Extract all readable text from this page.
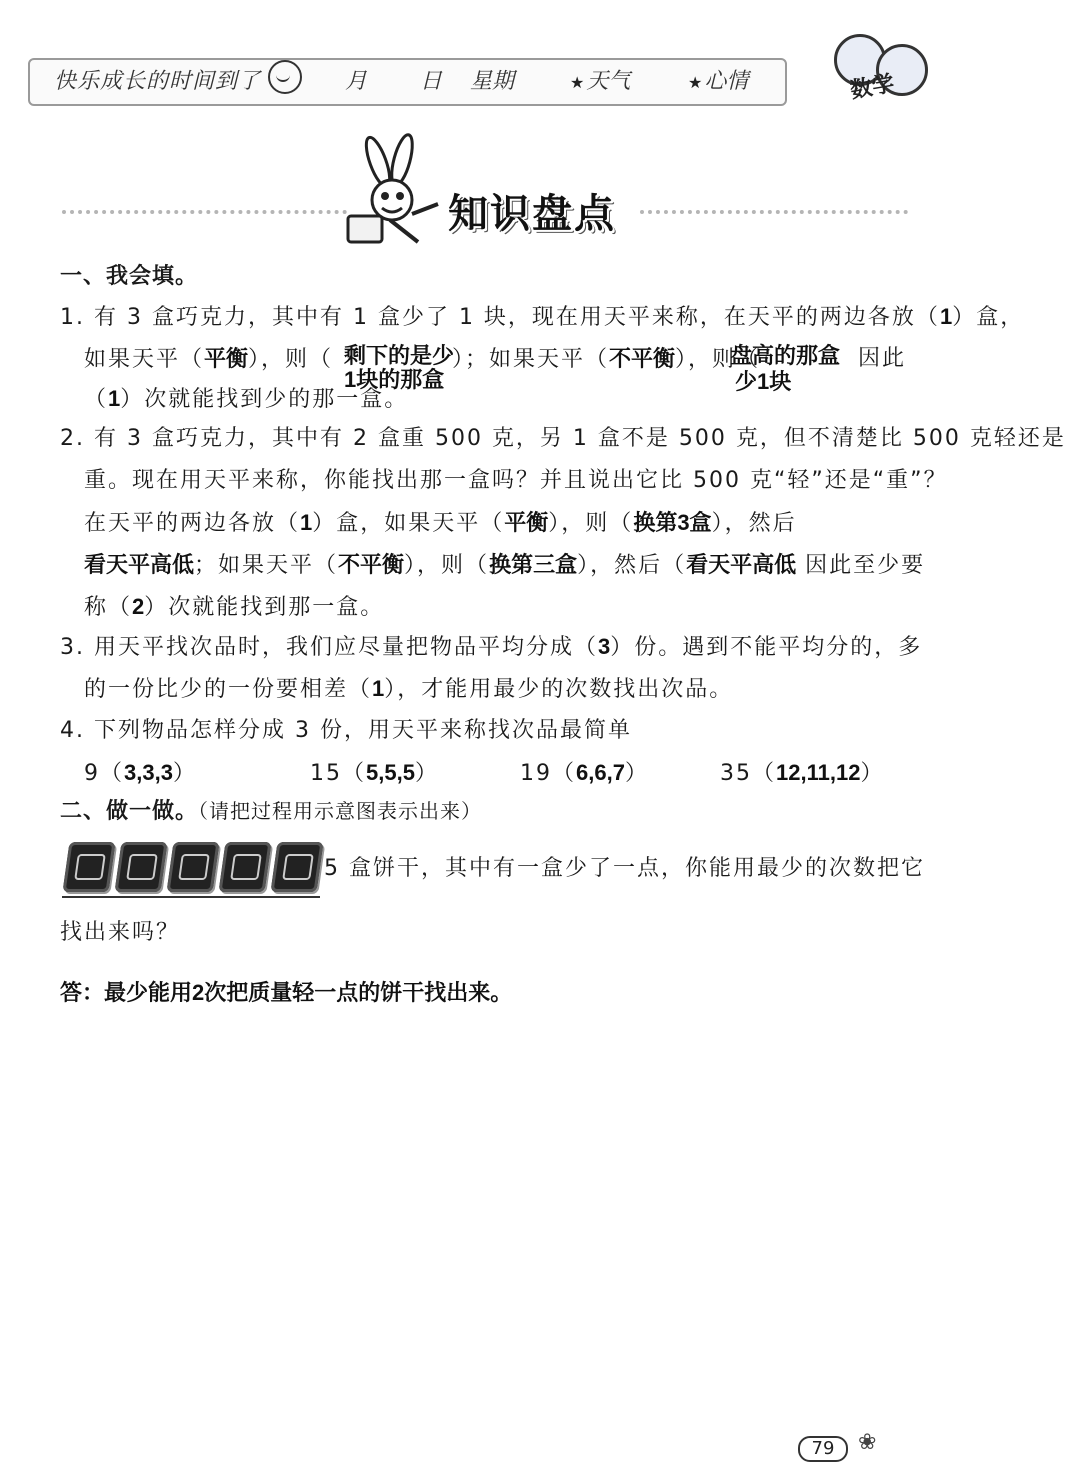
快乐成长的时间到了	月 日 星期	★天气	★心情	数学
知识盘点
一、我会填。
1. 有 3 盒巧克力，其中有 1 盒少了 1 块，现在用天平来称，在天平的两边各放（1）盒，
如果天平（平衡），则（ 剩下的是少
1块的那盒
）；如果天平（不平衡），则（
盘高的那盒
少1块
因此
（1）次就能找到少的那一盒。
2. 有 3 盒巧克力，其中有 2 盒重 500 克，另 1 盒不是 500 克，但不清楚比 500 克轻还是
重。现在用天平来称，你能找出那一盒吗？并且说出它比 500 克“轻”还是“重”？
在天平的两边各放（1）盒，如果天平（平衡），则（换第3盒），然后
看天平高低；如果天平（不平衡），则（换第三盒），然后（看天平高低 因此至少要
称（2）次就能找到那一盒。
3. 用天平找次品时，我们应尽量把物品平均分成（3）份。遇到不能平均分的，多
的一份比少的一份要相差（1），才能用最少的次数找出次品。
4. 下列物品怎样分成 3 份，用天平来称找次品最简单
9（3,3,3）	15（5,5,5）	19（6,6,7）	35（12,11,12）
二、做一做。（请把过程用示意图表示出来）
5 盒饼干，其中有一盒少了一点，你能用最少的次数把它
找出来吗？
答：最少能用2次把质量轻一点的饼干找出来。
79	❀
